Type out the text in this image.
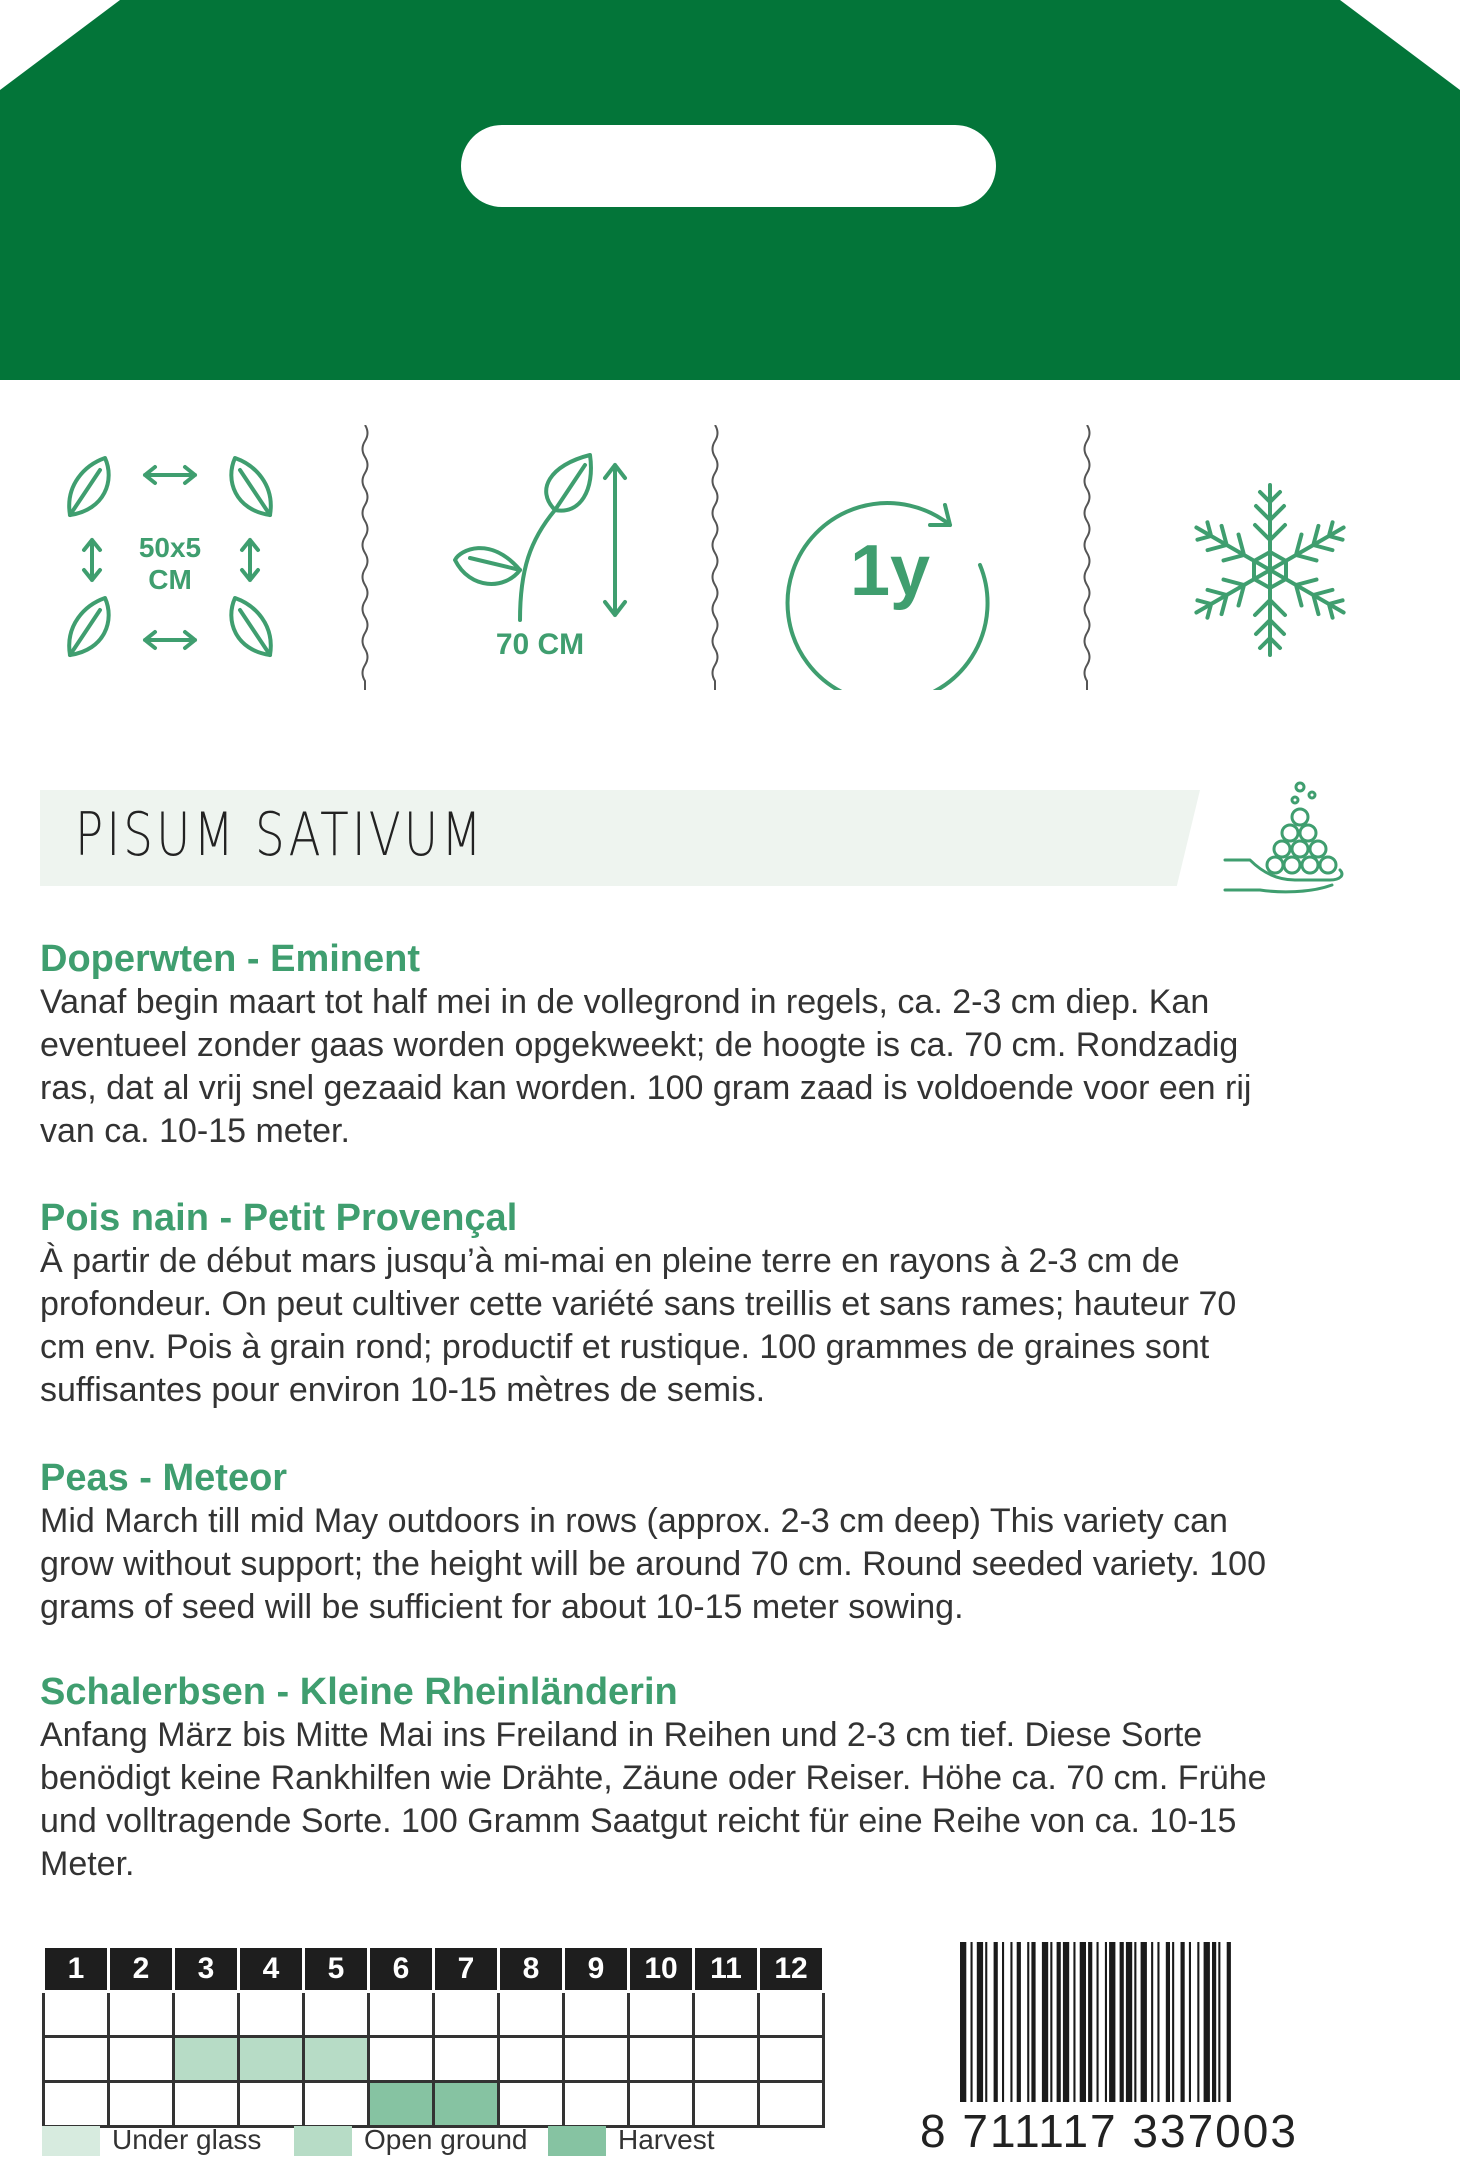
50x5
CM
70 CM
1y
PISUM SATIVUM
Doperwten - Eminent

Vanaf begin maart tot half mei in de vollegrond in regels, ca. 2-3 cm diep. Kan

eventueel zonder gaas worden opgekweekt; de hoogte is ca. 70 cm. Rondzadig

ras, dat al vrij snel gezaaid kan worden. 100 gram zaad is voldoende voor een rij

van ca. 10-15 meter.

Pois nain - Petit Provençal

À partir de début mars jusqu’à mi-mai en pleine terre en rayons à 2-3 cm de

profondeur. On peut cultiver cette variété sans treillis et sans rames; hauteur 70

cm env. Pois à grain rond; productif et rustique. 100 grammes de graines sont

suffisantes pour environ 10-15 mètres de semis.

Peas - Meteor

Mid March till mid May outdoors in rows (approx. 2-3 cm deep) This variety can

grow without support; the height will be around 70 cm. Round seeded variety. 100

grams of seed will be sufficient for about 10-15 meter sowing.

Schalerbsen - Kleine Rheinländerin

Anfang März bis Mitte Mai ins Freiland in Reihen und 2-3 cm tief. Diese Sorte

benödigt keine Rankhilfen wie Drähte, Zäune oder Reiser. Höhe ca. 70 cm. Frühe

und volltragende Sorte. 100 Gramm Saatgut reicht für eine Reihe von ca. 10-15

Meter.

1	2	3	4	5	6	7	8	9	10	11	12

Under glass	Open ground	Harvest	8 711117 337003
